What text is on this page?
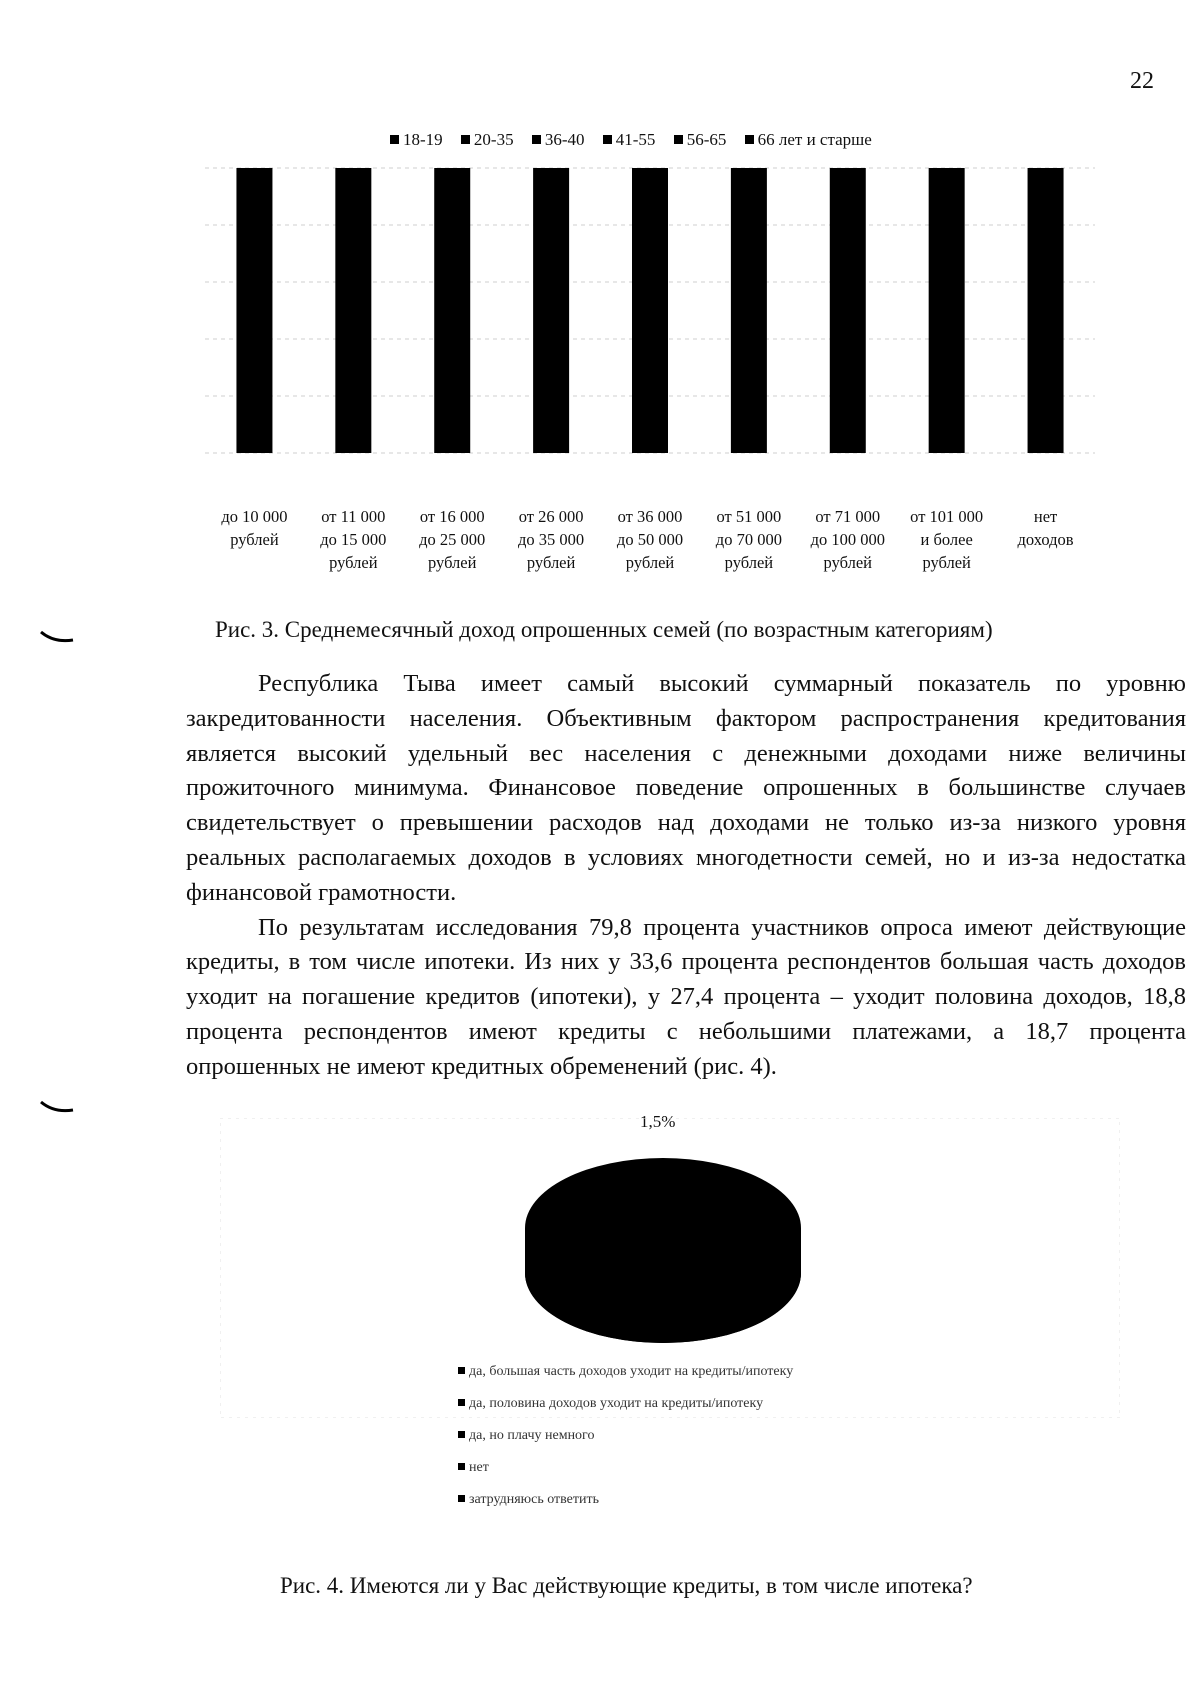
22
18-19 20-35 36-40 41-55 56-65 66 лет и старше
до 10 000
рублей
от 11 000
до 15 000
рублей
от 16 000
до 25 000
рублей
от 26 000
до 35 000
рублей
от 36 000
до 50 000
рублей
от 51 000
до 70 000
рублей
от 71 000
до 100 000
рублей
от 101 000
и более
рублей
нет
доходов
Рис. 3. Среднемесячный доход опрошенных семей (по возрастным категориям)

Республика Тыва имеет самый высокий суммарный показатель по уровню закредитованности населения. Объективным фактором распространения кредитования является высокий удельный вес населения с денежными доходами ниже величины прожиточного минимума. Финансовое поведение опрошенных в большинстве случаев свидетельствует о превышении расходов над доходами не только из-за низкого уровня реальных располагаемых доходов в условиях многодетности семей, но и из-за недостатка финансовой грамотности.

По результатам исследования 79,8 процента участников опроса имеют действующие кредиты, в том числе ипотеки. Из них у 33,6 процента респондентов большая часть доходов уходит на погашение кредитов (ипотеки), у 27,4 процента – уходит половина доходов, 18,8 процента респондентов имеют кредиты с небольшими платежами, а 18,7 процента опрошенных не имеют кредитных обременений (рис. 4).

1,5%
да, большая часть доходов уходит на кредиты/ипотеку
да, половина доходов уходит на кредиты/ипотеку
да, но плачу немного
нет
затрудняюсь ответить
Рис. 4. Имеются ли у Вас действующие кредиты, в том числе ипотека?
